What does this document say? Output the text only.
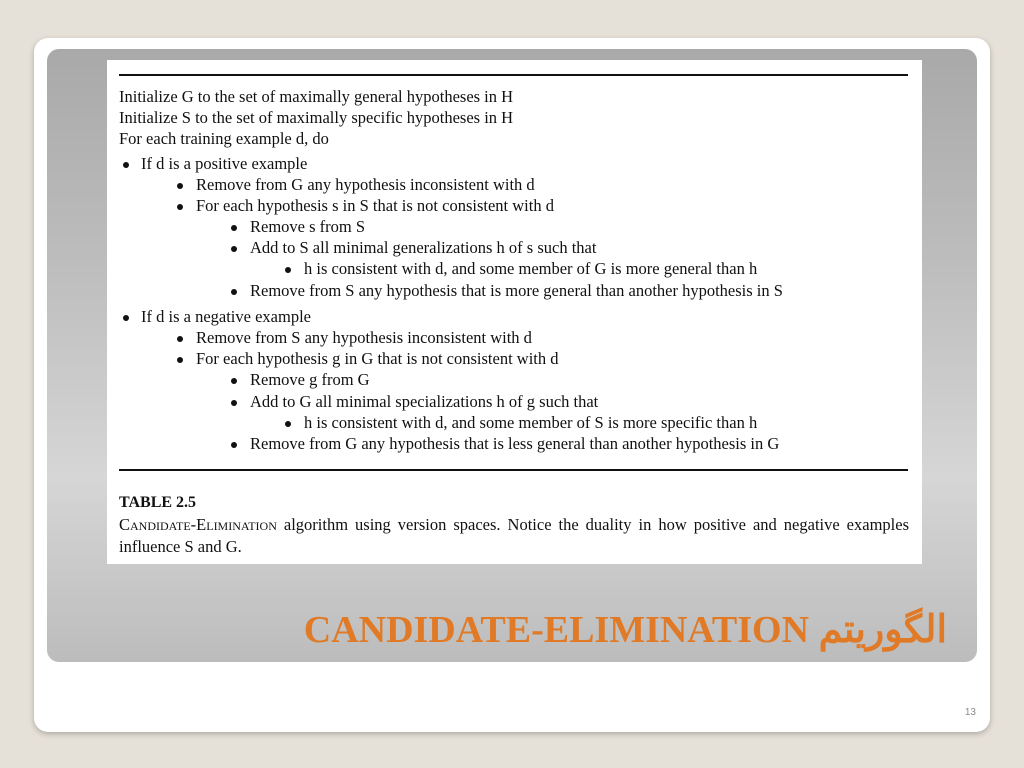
Initialize G to the set of maximally general hypotheses in H
Initialize S to the set of maximally specific hypotheses in H
For each training example d, do
If d is a positive example
Remove from G any hypothesis inconsistent with d
For each hypothesis s in S that is not consistent with d
Remove s from S
Add to S all minimal generalizations h of s such that
h is consistent with d, and some member of G is more general than h
Remove from S any hypothesis that is more general than another hypothesis in S
If d is a negative example
Remove from S any hypothesis inconsistent with d
For each hypothesis g in G that is not consistent with d
Remove g from G
Add to G all minimal specializations h of g such that
h is consistent with d, and some member of S is more specific than h
Remove from G any hypothesis that is less general than another hypothesis in G
TABLE 2.5
Candidate-Elimination algorithm using version spaces. Notice the duality in how positive and negative examples influence S and G.
CANDIDATE-ELIMINATION الگوریتم
13
